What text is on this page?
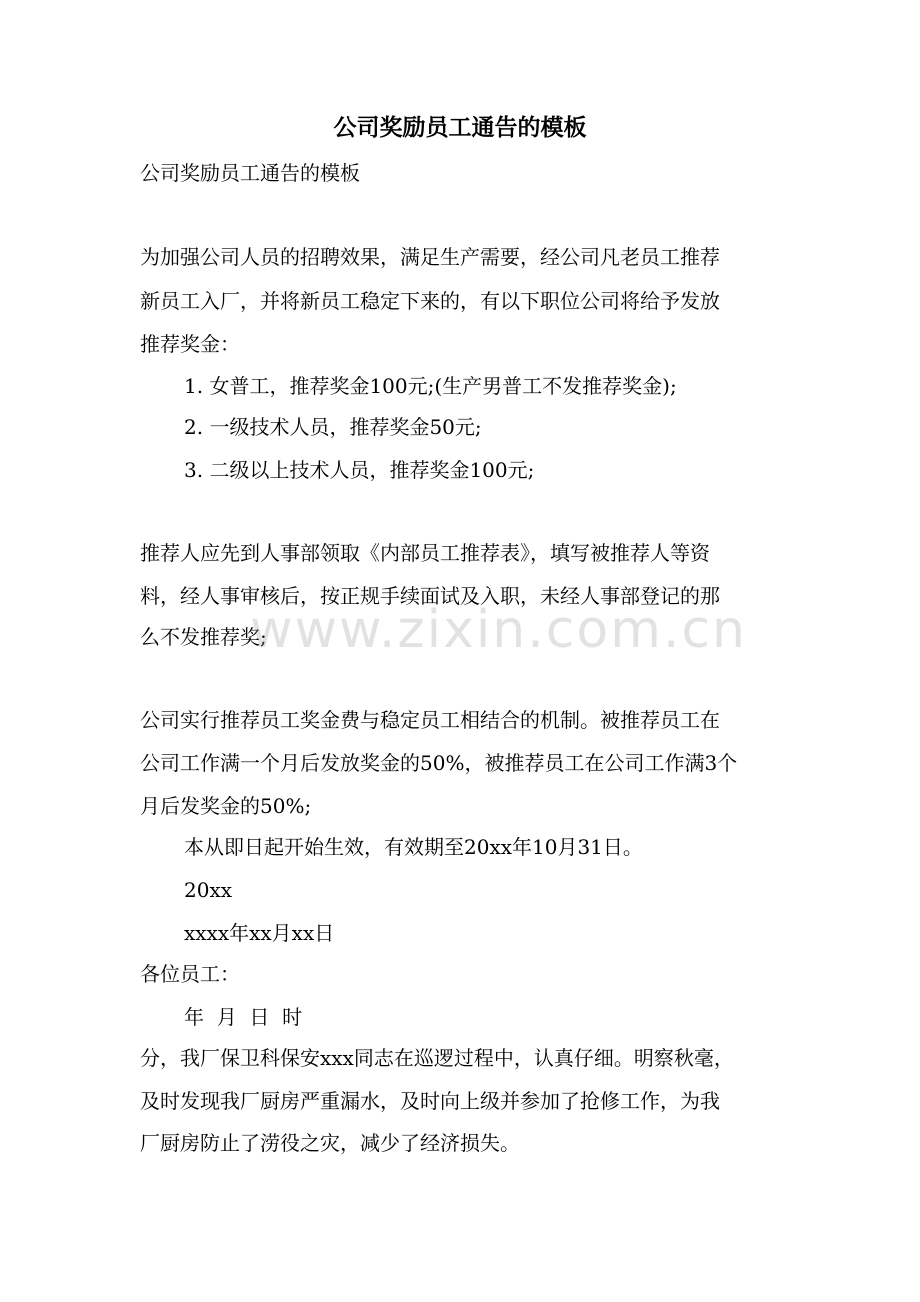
公司奖励员工通告的模板
公司奖励员工通告的模板
为加强公司人员的招聘效果，满足生产需要，经公司凡老员工推荐
新员工入厂，并将新员工稳定下来的，有以下职位公司将给予发放
推荐奖金：
1. 女普工，推荐奖金100元;(生产男普工不发推荐奖金);
2. 一级技术人员，推荐奖金50元;
3. 二级以上技术人员，推荐奖金100元;
推荐人应先到人事部领取《内部员工推荐表》，填写被推荐人等资
料，经人事审核后，按正规手续面试及入职，未经人事部登记的那
么不发推荐奖;
公司实行推荐员工奖金费与稳定员工相结合的机制。被推荐员工在
公司工作满一个月后发放奖金的50%，被推荐员工在公司工作满3个
月后发奖金的50%;
本从即日起开始生效，有效期至20xx年10月31日。
20xx
xxxx年xx月xx日
各位员工：
年  月  日  时
分，我厂保卫科保安xxx同志在巡逻过程中，认真仔细。明察秋毫，
及时发现我厂厨房严重漏水，及时向上级并参加了抢修工作，为我
厂厨房防止了涝役之灾，减少了经济损失。
www.zixin.com.cn
